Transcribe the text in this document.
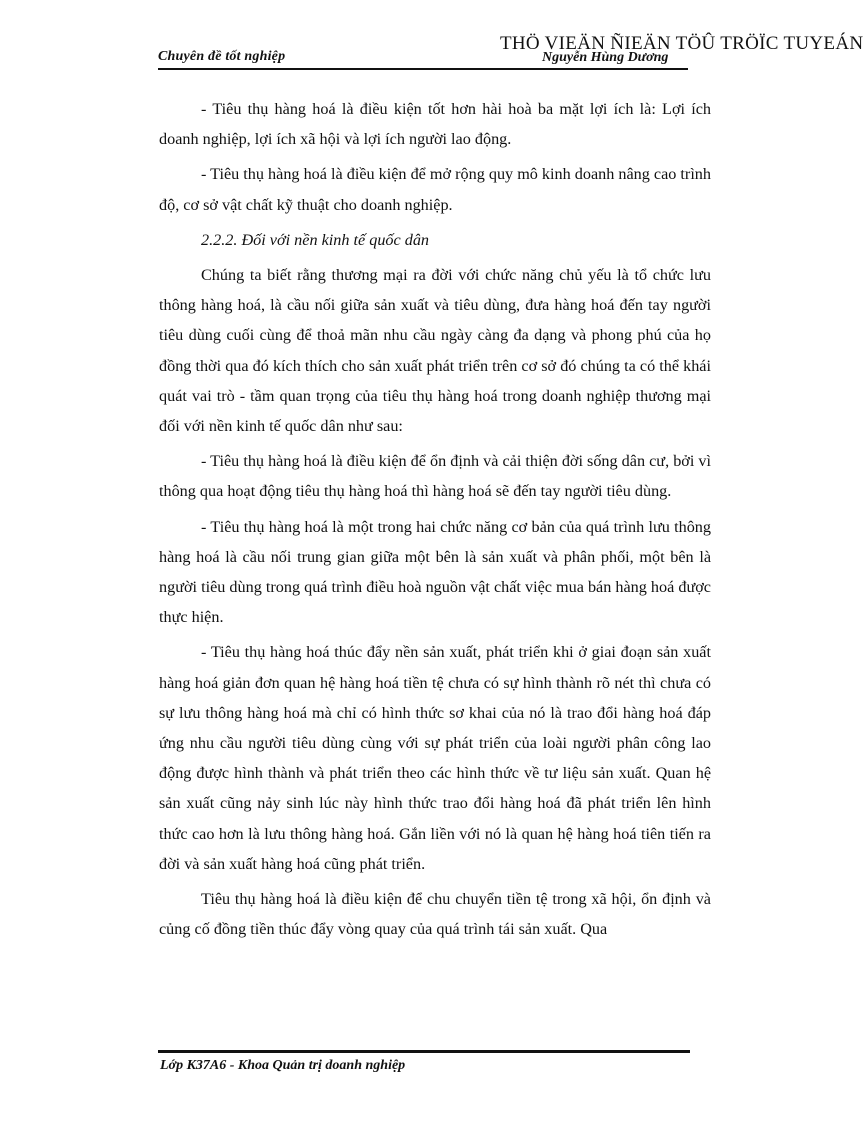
Chuyên đề tốt nghiệp
THÖ VIEÄN ÑIEÄN TÖÛ TRÖÏC TUYEÁN
Nguyễn Hùng Dương

- Tiêu thụ hàng hoá là điều kiện tốt hơn hài hoà ba mặt lợi ích là: Lợi ích doanh nghiệp, lợi ích xã hội và lợi ích người lao động.

- Tiêu thụ hàng hoá là điều kiện để mở rộng quy mô kinh doanh nâng cao trình độ, cơ sở vật chất kỹ thuật cho doanh nghiệp.

2.2.2. Đối với nền kinh tế quốc dân

Chúng ta biết rằng thương mại ra đời với chức năng chủ yếu là tổ chức lưu thông hàng hoá, là cầu nối giữa sản xuất và tiêu dùng, đưa hàng hoá đến tay người tiêu dùng cuối cùng để thoả mãn nhu cầu ngày càng đa dạng và phong phú của họ đồng thời qua đó kích thích cho sản xuất phát triển trên cơ sở đó chúng ta có thể khái quát vai trò - tầm quan trọng của tiêu thụ hàng hoá trong doanh nghiệp thương mại đối với nền kinh tế quốc dân như sau:

- Tiêu thụ hàng hoá là điều kiện để ổn định và cải thiện đời sống dân cư, bởi vì thông qua hoạt động tiêu thụ hàng hoá thì hàng hoá sẽ đến tay người tiêu dùng.

- Tiêu thụ hàng hoá là một trong hai chức năng cơ bản của quá trình lưu thông hàng hoá là cầu nối trung gian giữa một bên là sản xuất và phân phối, một bên là người tiêu dùng trong quá trình điều hoà nguồn vật chất việc mua bán hàng hoá được thực hiện.

- Tiêu thụ hàng hoá thúc đẩy nền sản xuất, phát triển khi ở giai đoạn sản xuất hàng hoá giản đơn quan hệ hàng hoá tiền tệ chưa có sự hình thành rõ nét thì chưa có sự lưu thông hàng hoá mà chỉ có hình thức sơ khai của nó là trao đổi hàng hoá đáp ứng nhu cầu người tiêu dùng cùng với sự phát triển của loài người phân công lao động được hình thành và phát triển theo các hình thức về tư liệu sản xuất. Quan hệ sản xuất cũng nảy sinh lúc này hình thức trao đổi hàng hoá đã phát triển lên hình thức cao hơn là lưu thông hàng hoá. Gắn liền với nó là quan hệ hàng hoá tiên tiến ra đời và sản xuất hàng hoá cũng phát triển.

Tiêu thụ hàng hoá là điều kiện để chu chuyển tiền tệ trong xã hội, ổn định và củng cố đồng tiền thúc đẩy vòng quay của quá trình tái sản xuất. Qua

Lớp K37A6 - Khoa Quản trị doanh nghiệp
